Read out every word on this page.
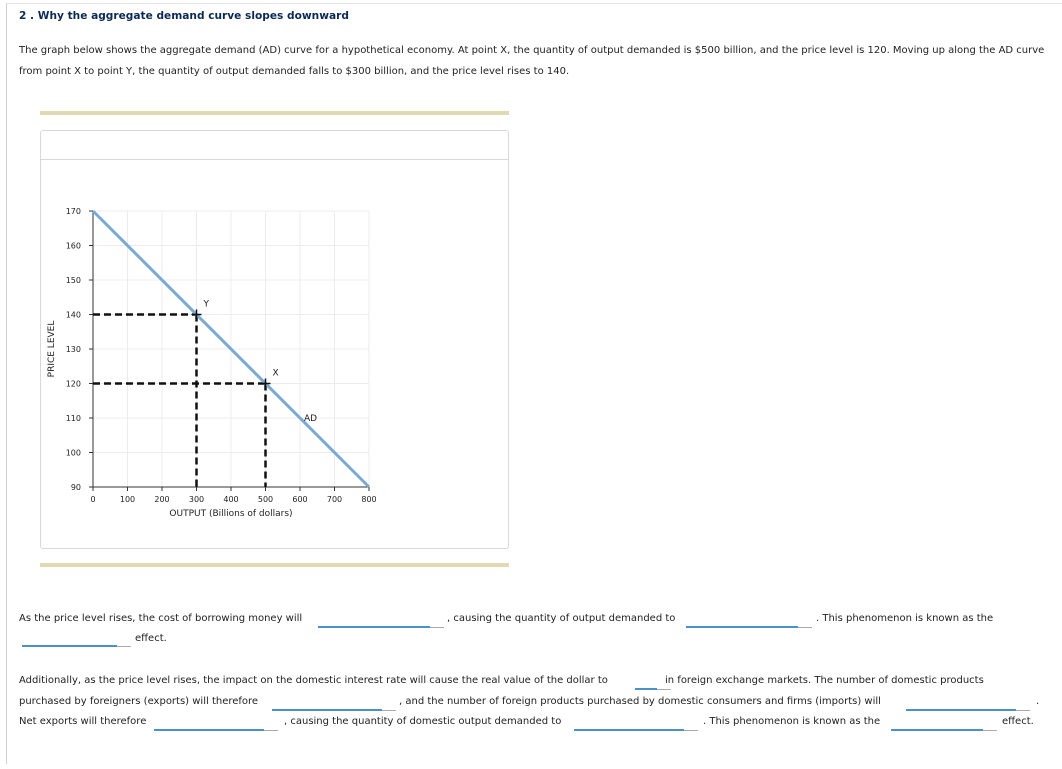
2 . Why the aggregate demand curve slopes downward
The graph below shows the aggregate demand (AD) curve for a hypothetical economy. At point X, the quantity of output demanded is $500 billion, and the price level is 120. Moving up along the AD curve from point X to point Y, the quantity of output demanded falls to $300 billion, and the price level rises to 140.
90
100
110
120
130
140
150
160
170
0	100 200 300 400 500 600 700 800
OUTPUT (Billions of dollars)
PRICE LEVEL
AD
Y
X
As the price level rises, the cost of borrowing money will	, causing the quantity of output demanded to	. This phenomenon is known as the
effect.
Additionally, as the price level rises, the impact on the domestic interest rate will cause the real value of the dollar to	in foreign exchange markets. The number of domestic products
purchased by foreigners (exports) will therefore	, and the number of foreign products purchased by domestic consumers and firms (imports) will	.
Net exports will therefore	, causing the quantity of domestic output demanded to	. This phenomenon is known as the	effect.
